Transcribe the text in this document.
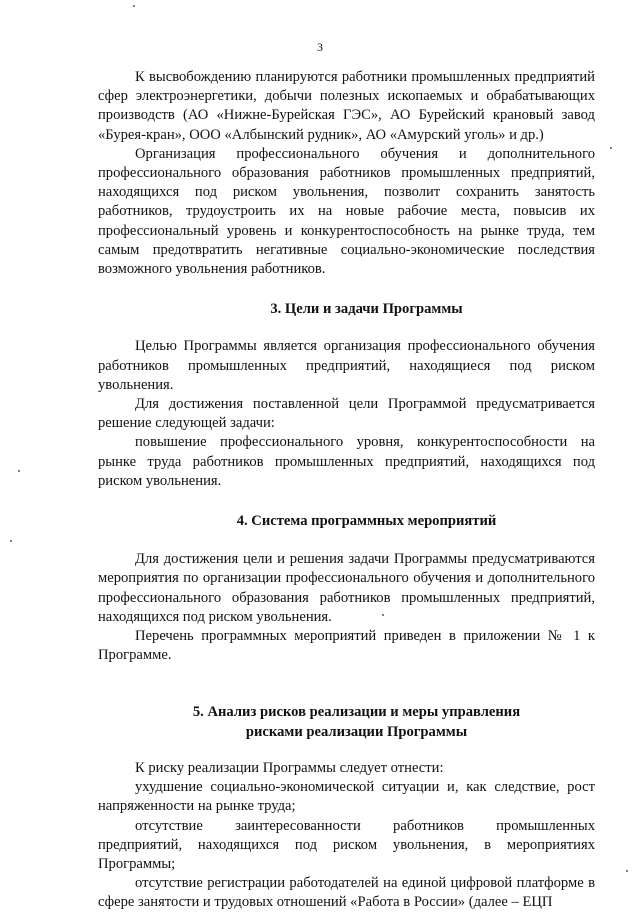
3

К высвобождению планируются работники промышленных предприятий сфер электроэнергетики, добычи полезных ископаемых и обрабатывающих производств (АО «Нижне-Бурейская ГЭС», АО Бурейский крановый завод «Бурея-кран», ООО «Албынский рудник», АО «Амурский уголь» и др.)

Организация профессионального обучения и дополнительного профессионального образования работников промышленных предприятий, находящихся под риском увольнения, позволит сохранить занятость работников, трудоустроить их на новые рабочие места, повысив их профессиональный уровень и конкурентоспособность на рынке труда, тем самым предотвратить негативные социально-экономические последствия возможного увольнения работников.

3. Цели и задачи Программы

Целью Программы является организация профессионального обучения работников промышленных предприятий, находящиеся под риском увольнения.

Для достижения поставленной цели Программой предусматривается решение следующей задачи:

повышение профессионального уровня, конкурентоспособности на рынке труда работников промышленных предприятий, находящихся под риском увольнения.

4. Система программных мероприятий

Для достижения цели и решения задачи Программы предусматриваются мероприятия по организации профессионального обучения и дополнительного профессионального образования работников промышленных предприятий, находящихся под риском увольнения.

Перечень программных мероприятий приведен в приложении № 1 к Программе.

5. Анализ рисков реализации и меры управления
рисками реализации Программы

К риску реализации Программы следует отнести:

ухудшение социально-экономической ситуации и, как следствие, рост напряженности на рынке труда;

отсутствие заинтересованности работников промышленных предприятий, находящихся под риском увольнения, в мероприятиях Программы;

отсутствие регистрации работодателей на единой цифровой платформе в сфере занятости и трудовых отношений «Работа в России» (далее – ЕЦП
